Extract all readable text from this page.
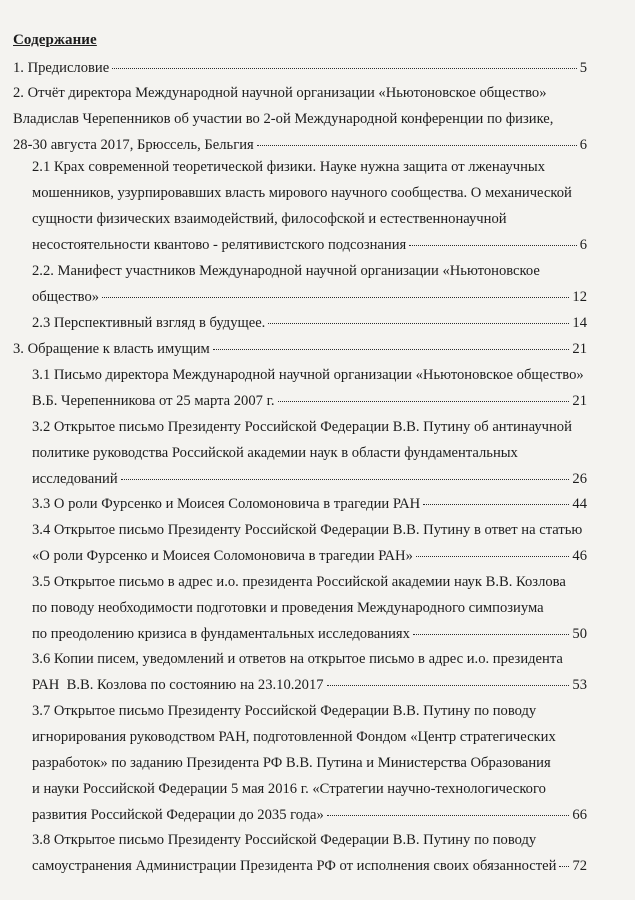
Содержание
1. Предисловие	5
2. Отчёт директора Международной научной организации «Ньютоновское общество»
Владислав Черепенников об участии во 2-ой Международной конференции по физике,
28-30 августа 2017, Брюссель, Бельгия	6
2.1 Крах современной теоретической физики. Науке нужна защита от лженаучных
мошенников, узурпировавших власть мирового научного сообщества. О механической
сущности физических взаимодействий, философской и естественнонаучной
несостоятельности квантово - релятивистского подсознания	6
2.2. Манифест участников Международной научной организации «Ньютоновское
общество»	12
2.3 Перспективный взгляд в будущее.	14
3. Обращение к власть имущим	21
3.1 Письмо директора Международной научной организации «Ньютоновское общество»
В.Б. Черепенникова от 25 марта 2007 г.	21
3.2 Открытое письмо Президенту Российской Федерации В.В. Путину об антинаучной
политике руководства Российской академии наук в области фундаментальных
исследований	26
3.3 О роли Фурсенко и Моисея Соломоновича в трагедии РАН	44
3.4 Открытое письмо Президенту Российской Федерации В.В. Путину в ответ на статью
«О роли Фурсенко и Моисея Соломоновича в трагедии РАН»	46
3.5 Открытое письмо в адрес и.о. президента Российской академии наук В.В. Козлова
по поводу необходимости подготовки и проведения Международного симпозиума
по преодолению кризиса в фундаментальных исследованиях	50
3.6 Копии писем, уведомлений и ответов на открытое письмо в адрес и.о. президента
РАН  В.В. Козлова по состоянию на 23.10.2017	53
3.7 Открытое письмо Президенту Российской Федерации В.В. Путину по поводу
игнорирования руководством РАН, подготовленной Фондом «Центр стратегических
разработок» по заданию Президента РФ В.В. Путина и Министерства Образования
и науки Российской Федерации 5 мая 2016 г. «Стратегии научно-технологического
развития Российской Федерации до 2035 года»	66
3.8 Открытое письмо Президенту Российской Федерации В.В. Путину по поводу
самоустранения Администрации Президента РФ от исполнения своих обязанностей 72
